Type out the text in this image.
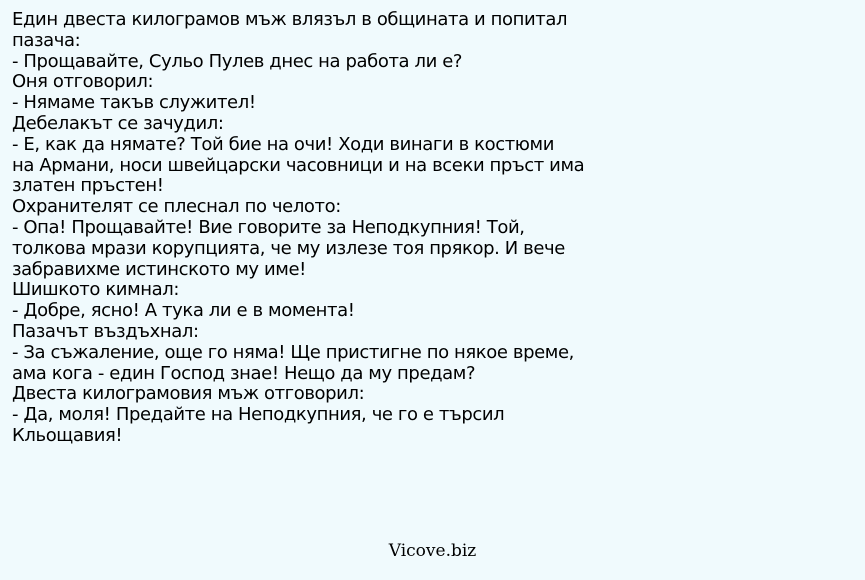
Един двеста килограмов мъж влязъл в общината и попитал
пазача:
- Прощавайте, Сульо Пулев днес на работа ли е?
Оня отговорил:
- Нямаме такъв служител!
Дебелакът се зачудил:
- Е, как да нямате? Той бие на очи! Ходи винаги в костюми
на Армани, носи швейцарски часовници и на всеки пръст има
златен пръстен!
Охранителят се плеснал по челото:
- Опа! Прощавайте! Вие говорите за Неподкупния! Той,
толкова мрази корупцията, че му излезе тоя прякор. И вече
забравихме истинското му име!
Шишкото кимнал:
- Добре, ясно! А тука ли е в момента!
Пазачът въздъхнал:
- За съжаление, още го няма! Ще пристигне по някое време,
ама кога - един Господ знае! Нещо да му предам?
Двеста килограмовия мъж отговорил:
- Да, моля! Предайте на Неподкупния, че го е търсил
Кльощавия!
Vicove.biz
